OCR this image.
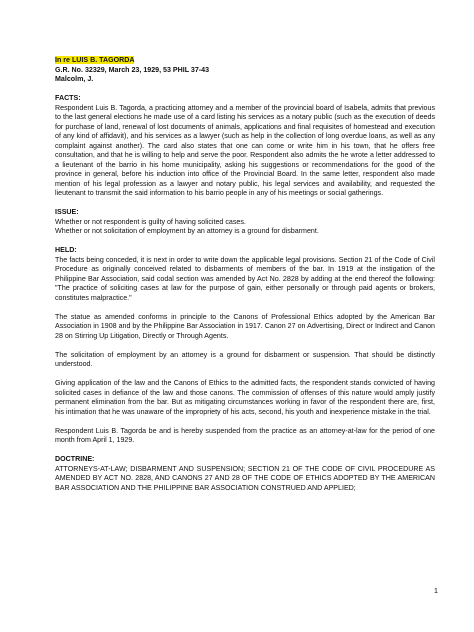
In re LUIS B. TAGORDA
G.R. No. 32329, March 23, 1929, 53 PHIL 37-43
Malcolm, J.

FACTS:

Respondent Luis B. Tagorda, a practicing attorney and a member of the provincial board of Isabela, admits that previous to the last general elections he made use of a card listing his services as a notary public (such as the execution of deeds for purchase of land, renewal of lost documents of animals, applications and final requisites of homestead and execution of any kind of affidavit), and his services as a lawyer (such as help in the collection of long overdue loans, as well as any complaint against another). The card also states that one can come or write him in his town, that he offers free consultation, and that he is willing to help and serve the poor. Respondent also admits the he wrote a letter addressed to a lieutenant of the barrio in his home municipality, asking his suggestions or recommendations for the good of the province in general, before his induction into office of the Provincial Board. In the same letter, respondent also made mention of his legal profession as a lawyer and notary public, his legal services and availability, and requested the lieutenant to transmit the said information to his barrio people in any of his meetings or social gatherings.

ISSUE:

Whether or not respondent is guilty of having solicited cases.

Whether or not solicitation of employment by an attorney is a ground for disbarment.

HELD:

The facts being conceded, it is next in order to write down the applicable legal provisions. Section 21 of the Code of Civil Procedure as originally conceived related to disbarments of members of the bar. In 1919 at the instigation of the Philippine Bar Association, said codal section was amended by Act No. 2828 by adding at the end thereof the following: "The practice of soliciting cases at law for the purpose of gain, either personally or through paid agents or brokers, constitutes malpractice."

The statue as amended conforms in principle to the Canons of Professional Ethics adopted by the American Bar Association in 1908 and by the Philippine Bar Association in 1917. Canon 27 on Advertising, Direct or Indirect and Canon 28 on Stirring Up Litigation, Directly or Through Agents.

The solicitation of employment by an attorney is a ground for disbarment or suspension. That should be distinctly understood.

Giving application of the law and the Canons of Ethics to the admitted facts, the respondent stands convicted of having solicited cases in defiance of the law and those canons. The commission of offenses of this nature would amply justify permanent elimination from the bar. But as mitigating circumstances working in favor of the respondent there are, first, his intimation that he was unaware of the impropriety of his acts, second, his youth and inexperience mistake in the trial.

Respondent Luis B. Tagorda be and is hereby suspended from the practice as an attorney-at-law for the period of one month from April 1, 1929.

DOCTRINE:

ATTORNEYS-AT-LAW; DISBARMENT AND SUSPENSION; SECTION 21 OF THE CODE OF CIVIL PROCEDURE AS AMENDED BY ACT NO. 2828, AND CANONS 27 AND 28 OF THE CODE OF ETHICS ADOPTED BY THE AMERICAN BAR ASSOCIATION AND THE PHILIPPINE BAR ASSOCIATION CONSTRUED AND APPLIED;

1
